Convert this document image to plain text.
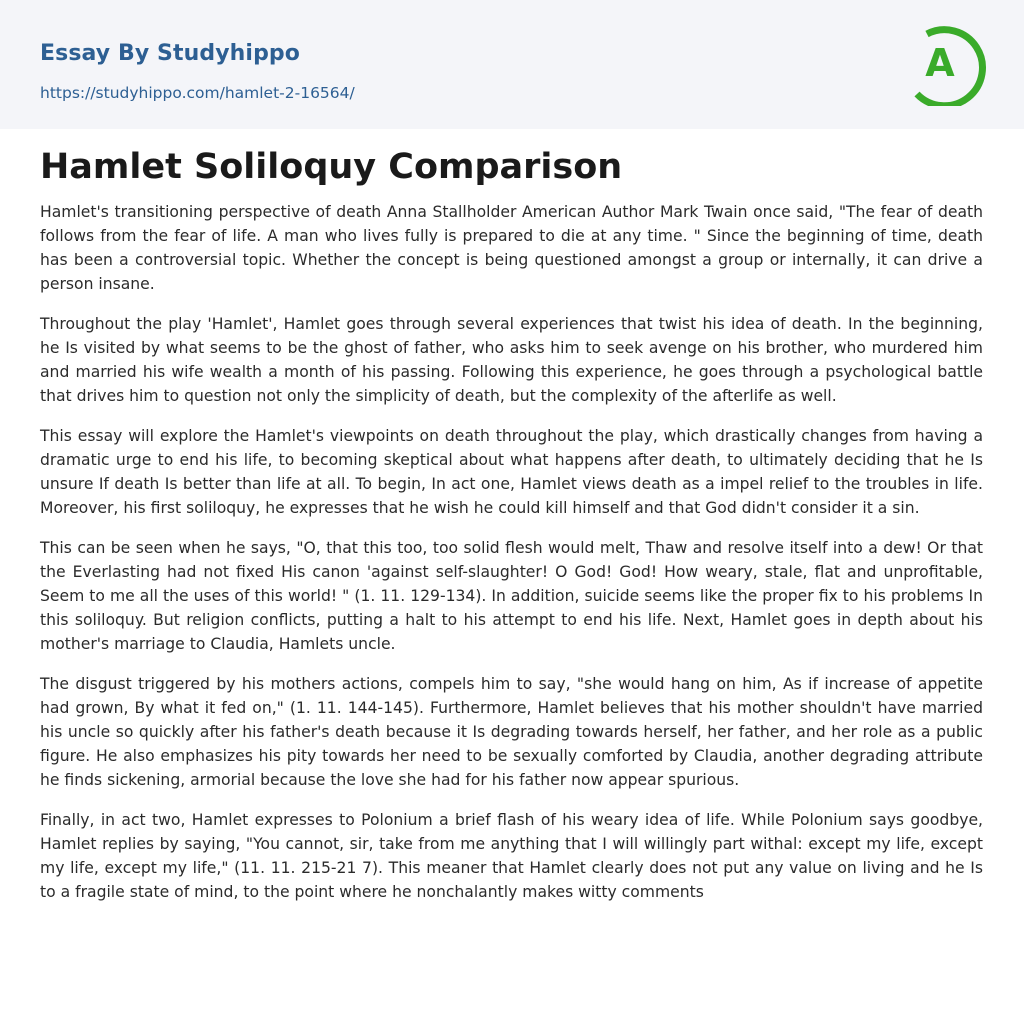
Essay By Studyhippo
https://studyhippo.com/hamlet-2-16564/
A
Hamlet Soliloquy Comparison

Hamlet's transitioning perspective of death Anna Stallholder American Author Mark Twain once said, "The fear of death follows from the fear of life. A man who lives fully is prepared to die at any time. " Since the beginning of time, death has been a controversial topic. Whether the concept is being questioned amongst a group or internally, it can drive a person insane.

Throughout the play 'Hamlet', Hamlet goes through several experiences that twist his idea of death. In the beginning, he Is visited by what seems to be the ghost of father, who asks him to seek avenge on his brother, who murdered him and married his wife wealth a month of his passing. Following this experience, he goes through a psychological battle that drives him to question not only the simplicity of death, but the complexity of the afterlife as well.

This essay will explore the Hamlet's viewpoints on death throughout the play, which drastically changes from having a dramatic urge to end his life, to becoming skeptical about what happens after death, to ultimately deciding that he Is unsure If death Is better than life at all. To begin, In act one, Hamlet views death as a impel relief to the troubles in life. Moreover, his first soliloquy, he expresses that he wish he could kill himself and that God didn't consider it a sin.

This can be seen when he says, "O, that this too, too solid flesh would melt, Thaw and resolve itself into a dew! Or that the Everlasting had not fixed His canon 'against self-slaughter! O God! God! How weary, stale, flat and unprofitable, Seem to me all the uses of this world! " (1. 11. 129-134). In addition, suicide seems like the proper fix to his problems In this soliloquy. But religion conflicts, putting a halt to his attempt to end his life. Next, Hamlet goes in depth about his mother's marriage to Claudia, Hamlets uncle.

The disgust triggered by his mothers actions, compels him to say, "she would hang on him, As if increase of appetite had grown, By what it fed on," (1. 11. 144-145). Furthermore, Hamlet believes that his mother shouldn't have married his uncle so quickly after his father's death because it Is degrading towards herself, her father, and her role as a public figure. He also emphasizes his pity towards her need to be sexually comforted by Claudia, another degrading attribute he finds sickening, armorial because the love she had for his father now appear spurious.

Finally, in act two, Hamlet expresses to Polonium a brief flash of his weary idea of life. While Polonium says goodbye, Hamlet replies by saying, "You cannot, sir, take from me anything that I will willingly part withal: except my life, except my life, except my life," (11. 11. 215-21 7). This meaner that Hamlet clearly does not put any value on living and he Is to a fragile state of mind, to the point where he nonchalantly makes witty comments
